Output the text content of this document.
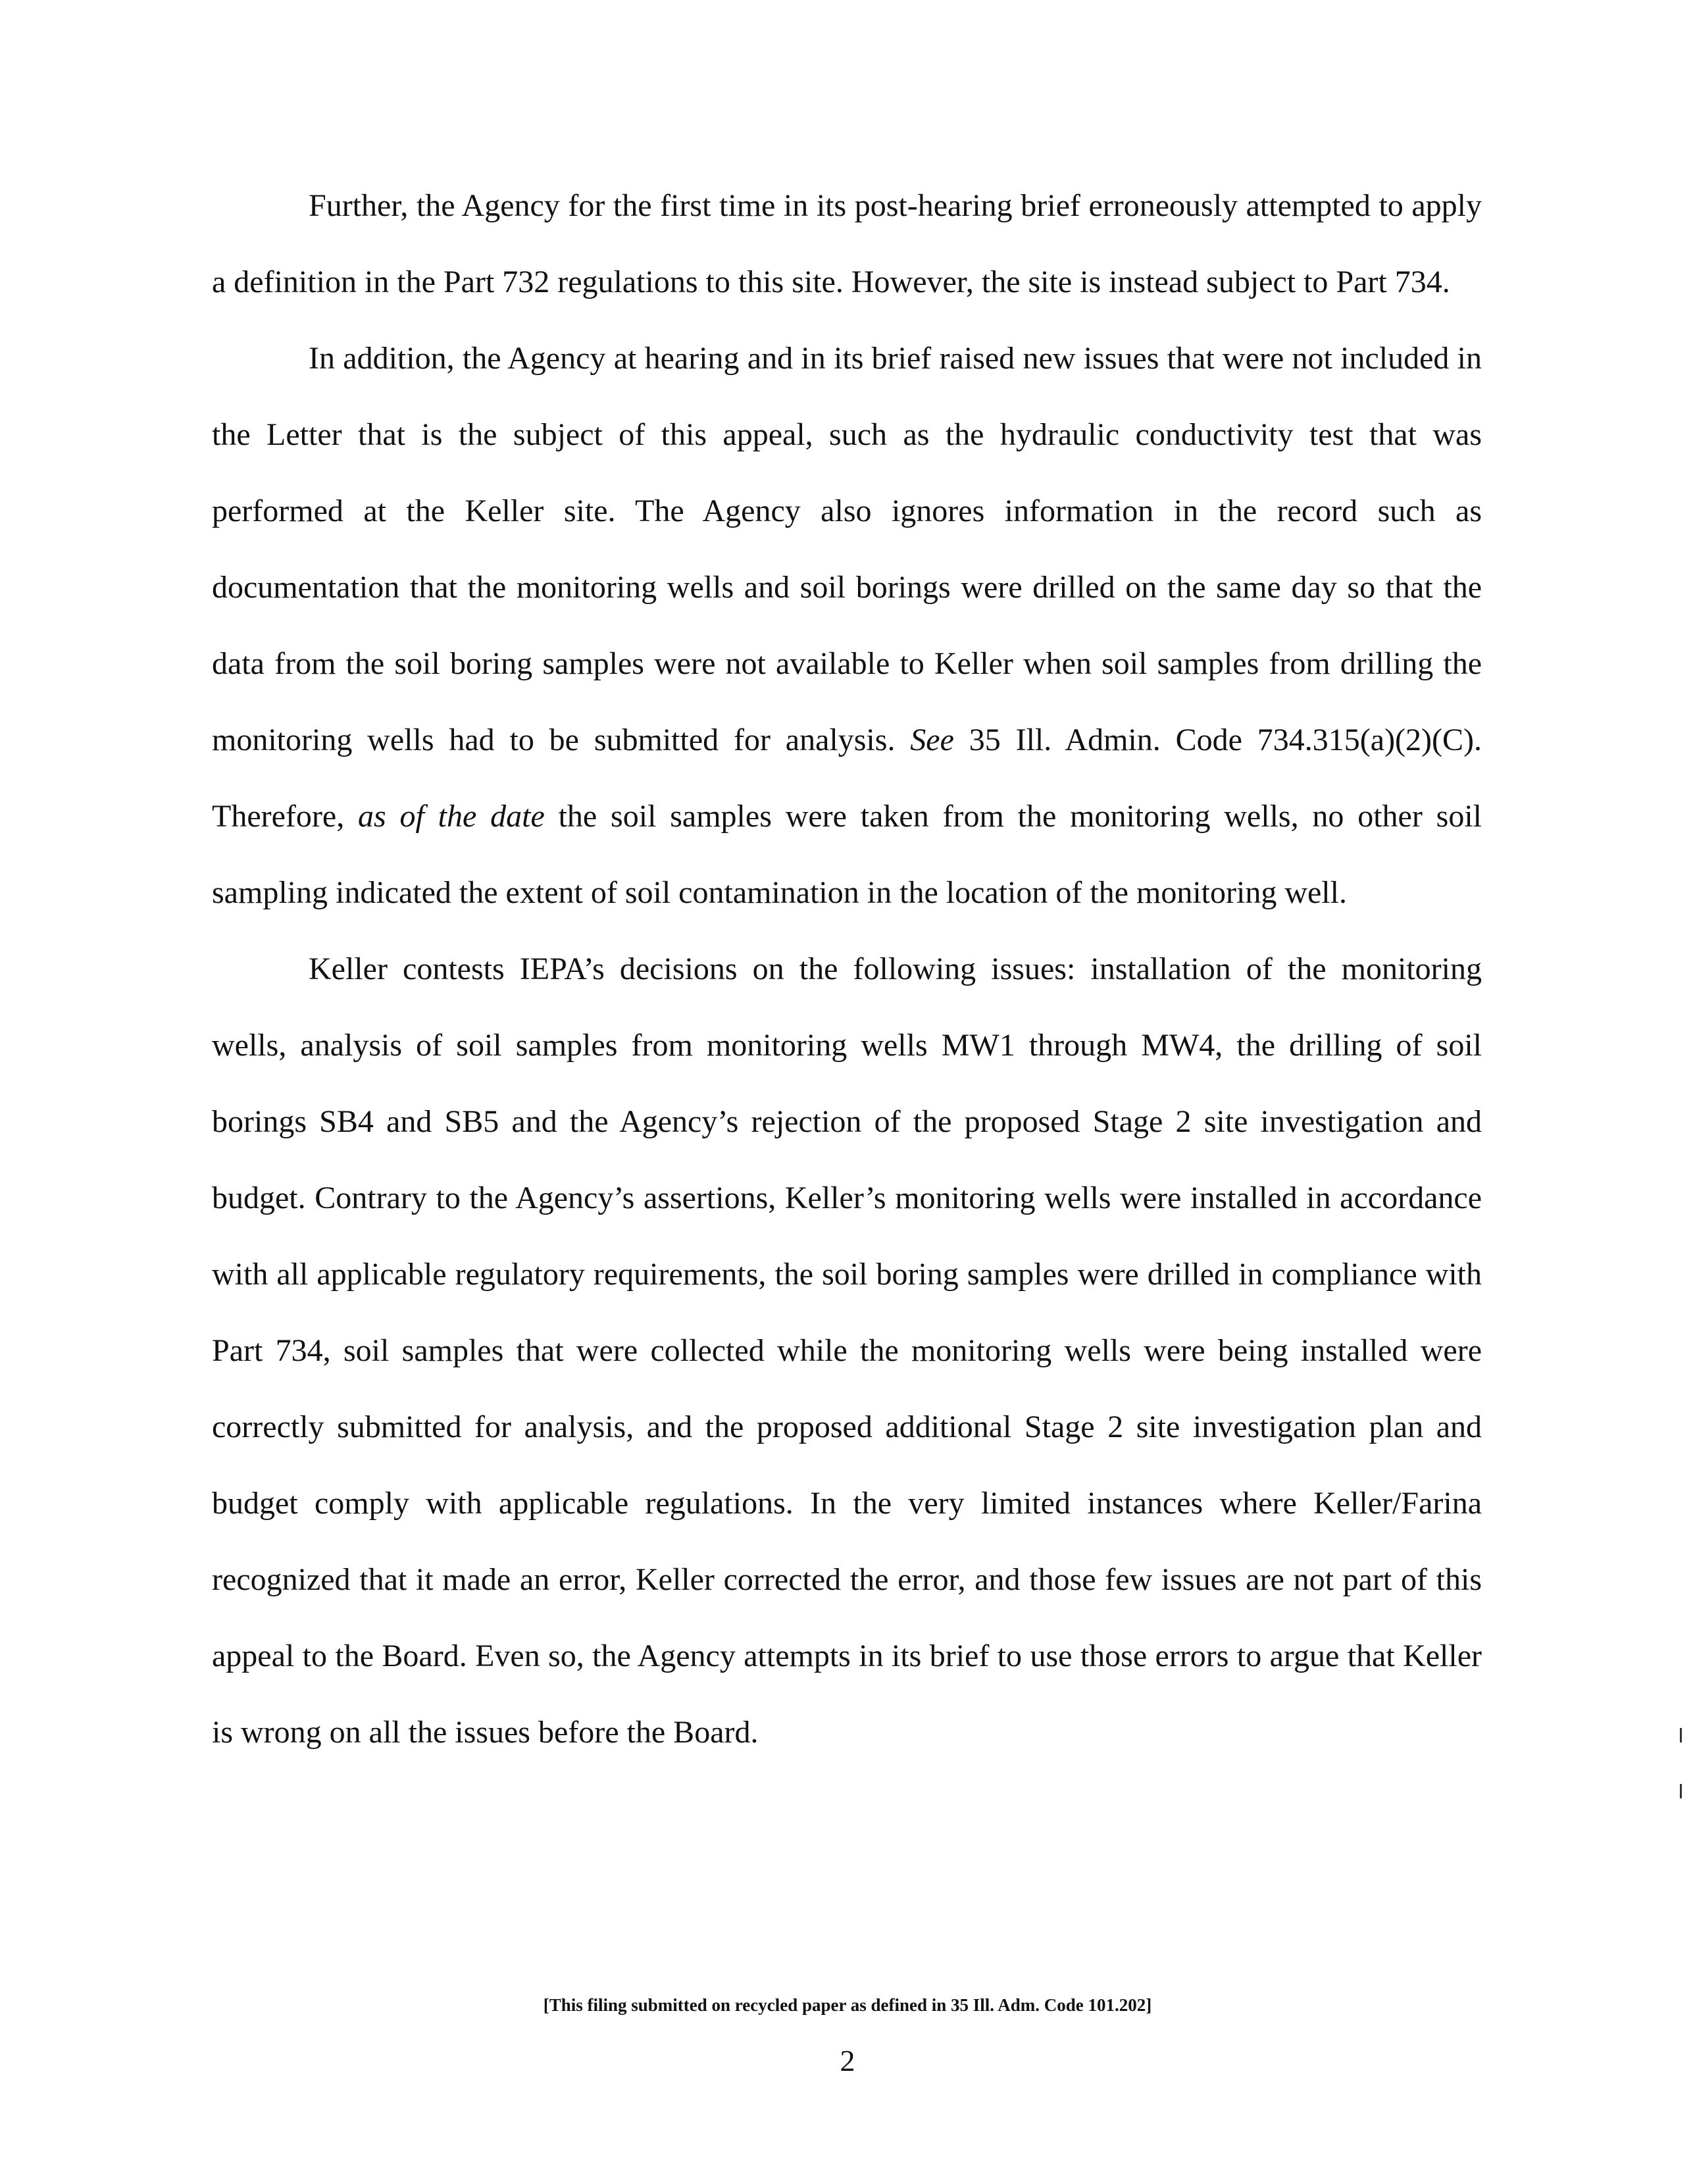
Further, the Agency for the first time in its post-hearing brief erroneously attempted to apply a definition in the Part 732 regulations to this site. However, the site is instead subject to Part 734.

In addition, the Agency at hearing and in its brief raised new issues that were not included in the Letter that is the subject of this appeal, such as the hydraulic conductivity test that was performed at the Keller site. The Agency also ignores information in the record such as documentation that the monitoring wells and soil borings were drilled on the same day so that the data from the soil boring samples were not available to Keller when soil samples from drilling the monitoring wells had to be submitted for analysis. See 35 Ill. Admin. Code 734.315(a)(2)(C). Therefore, as of the date the soil samples were taken from the monitoring wells, no other soil sampling indicated the extent of soil contamination in the location of the monitoring well.

Keller contests IEPA’s decisions on the following issues: installation of the monitoring wells, analysis of soil samples from monitoring wells MW1 through MW4, the drilling of soil borings SB4 and SB5 and the Agency’s rejection of the proposed Stage 2 site investigation and budget. Contrary to the Agency’s assertions, Keller’s monitoring wells were installed in accordance with all applicable regulatory requirements, the soil boring samples were drilled in compliance with Part 734, soil samples that were collected while the monitoring wells were being installed were correctly submitted for analysis, and the proposed additional Stage 2 site investigation plan and budget comply with applicable regulations. In the very limited instances where Keller/Farina recognized that it made an error, Keller corrected the error, and those few issues are not part of this appeal to the Board. Even so, the Agency attempts in its brief to use those errors to argue that Keller is wrong on all the issues before the Board.

[This filing submitted on recycled paper as defined in 35 Ill. Adm. Code 101.202]
2
